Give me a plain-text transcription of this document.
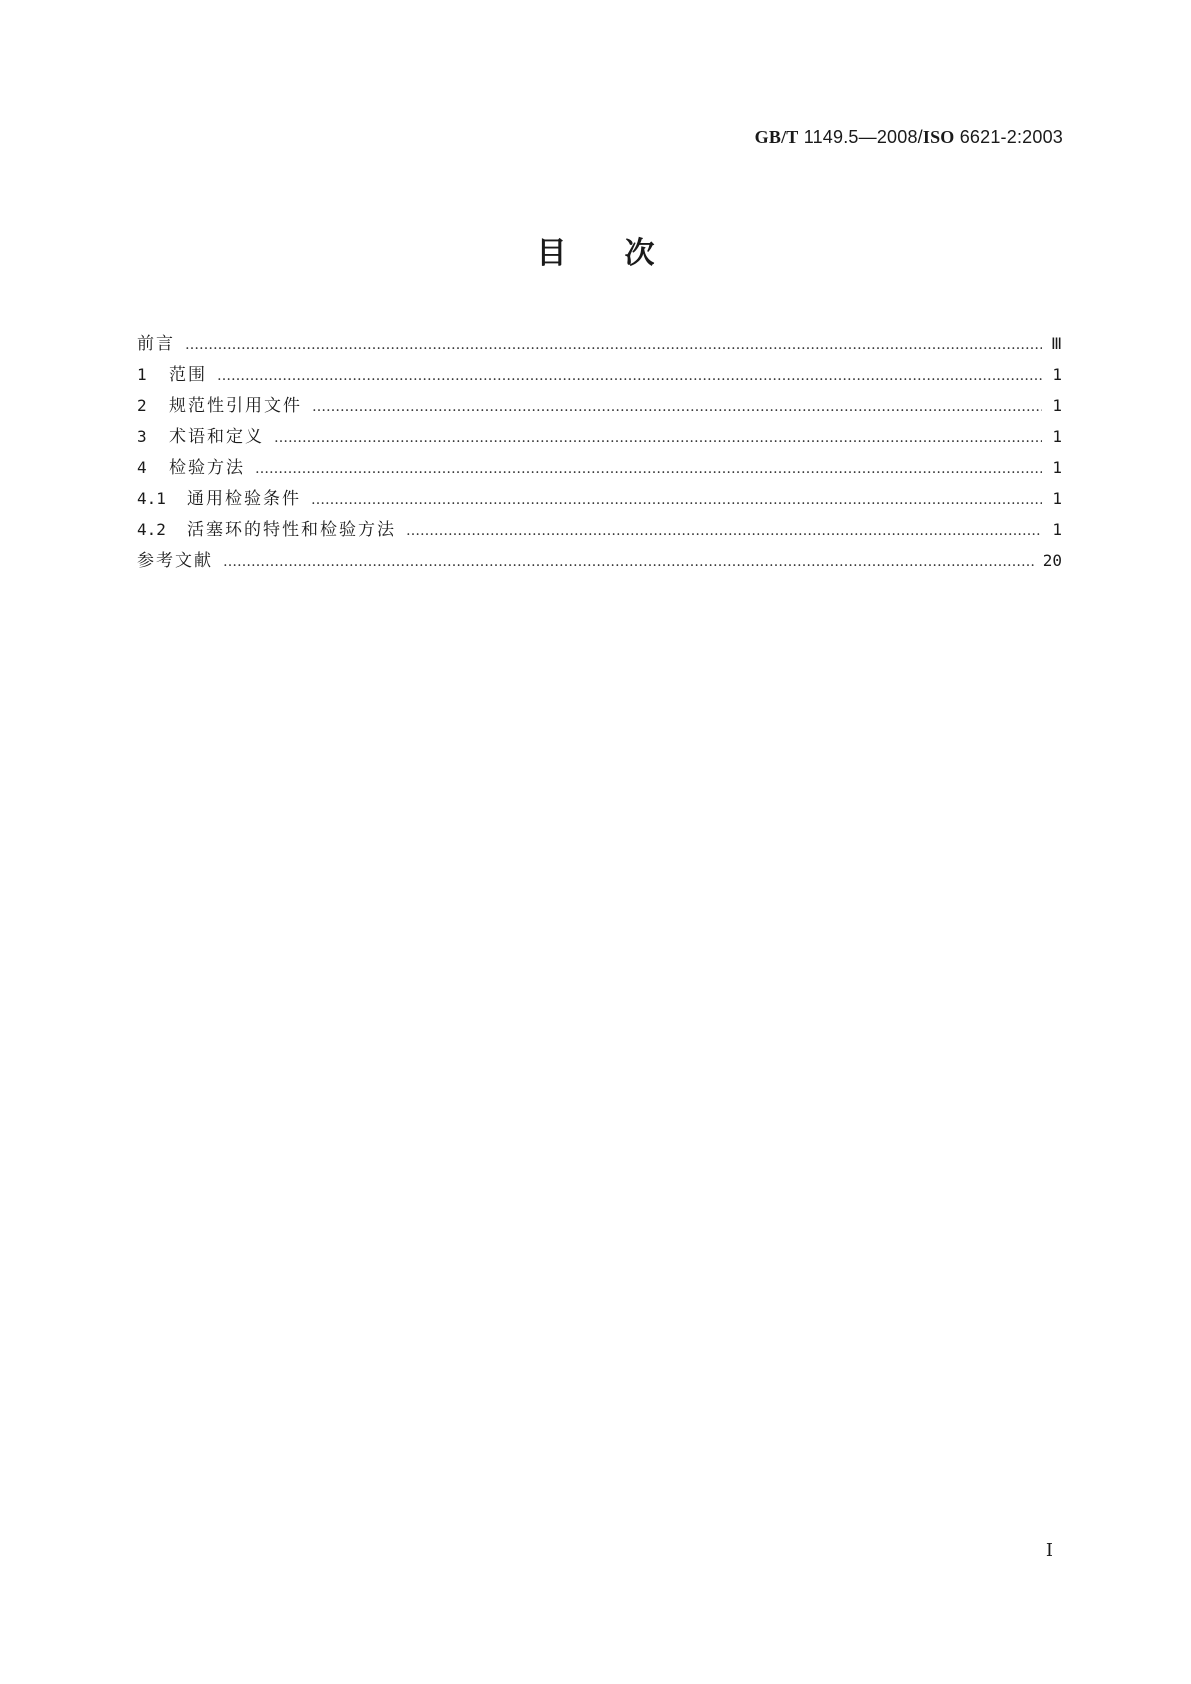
GB/T 1149.5—2008/ISO 6621-2:2003
目次
前言 ……………………………………………………………………………………………………………………………………………………………………………………………………………	Ⅲ
1	范围 ……………………………………………………………………………………………………………………………………………………………………………………………………………	1
2	规范性引用文件 ……………………………………………………………………………………………………………………………………………………………………………………………………………	1
3	术语和定义 ……………………………………………………………………………………………………………………………………………………………………………………………………………	1
4	检验方法 ……………………………………………………………………………………………………………………………………………………………………………………………………………	1
4.1	通用检验条件 ……………………………………………………………………………………………………………………………………………………………………………………………………………	1
4.2	活塞环的特性和检验方法 ……………………………………………………………………………………………………………………………………………………………………………………………………………	1
参考文献 ……………………………………………………………………………………………………………………………………………………………………………………………………………	20
Ⅰ
